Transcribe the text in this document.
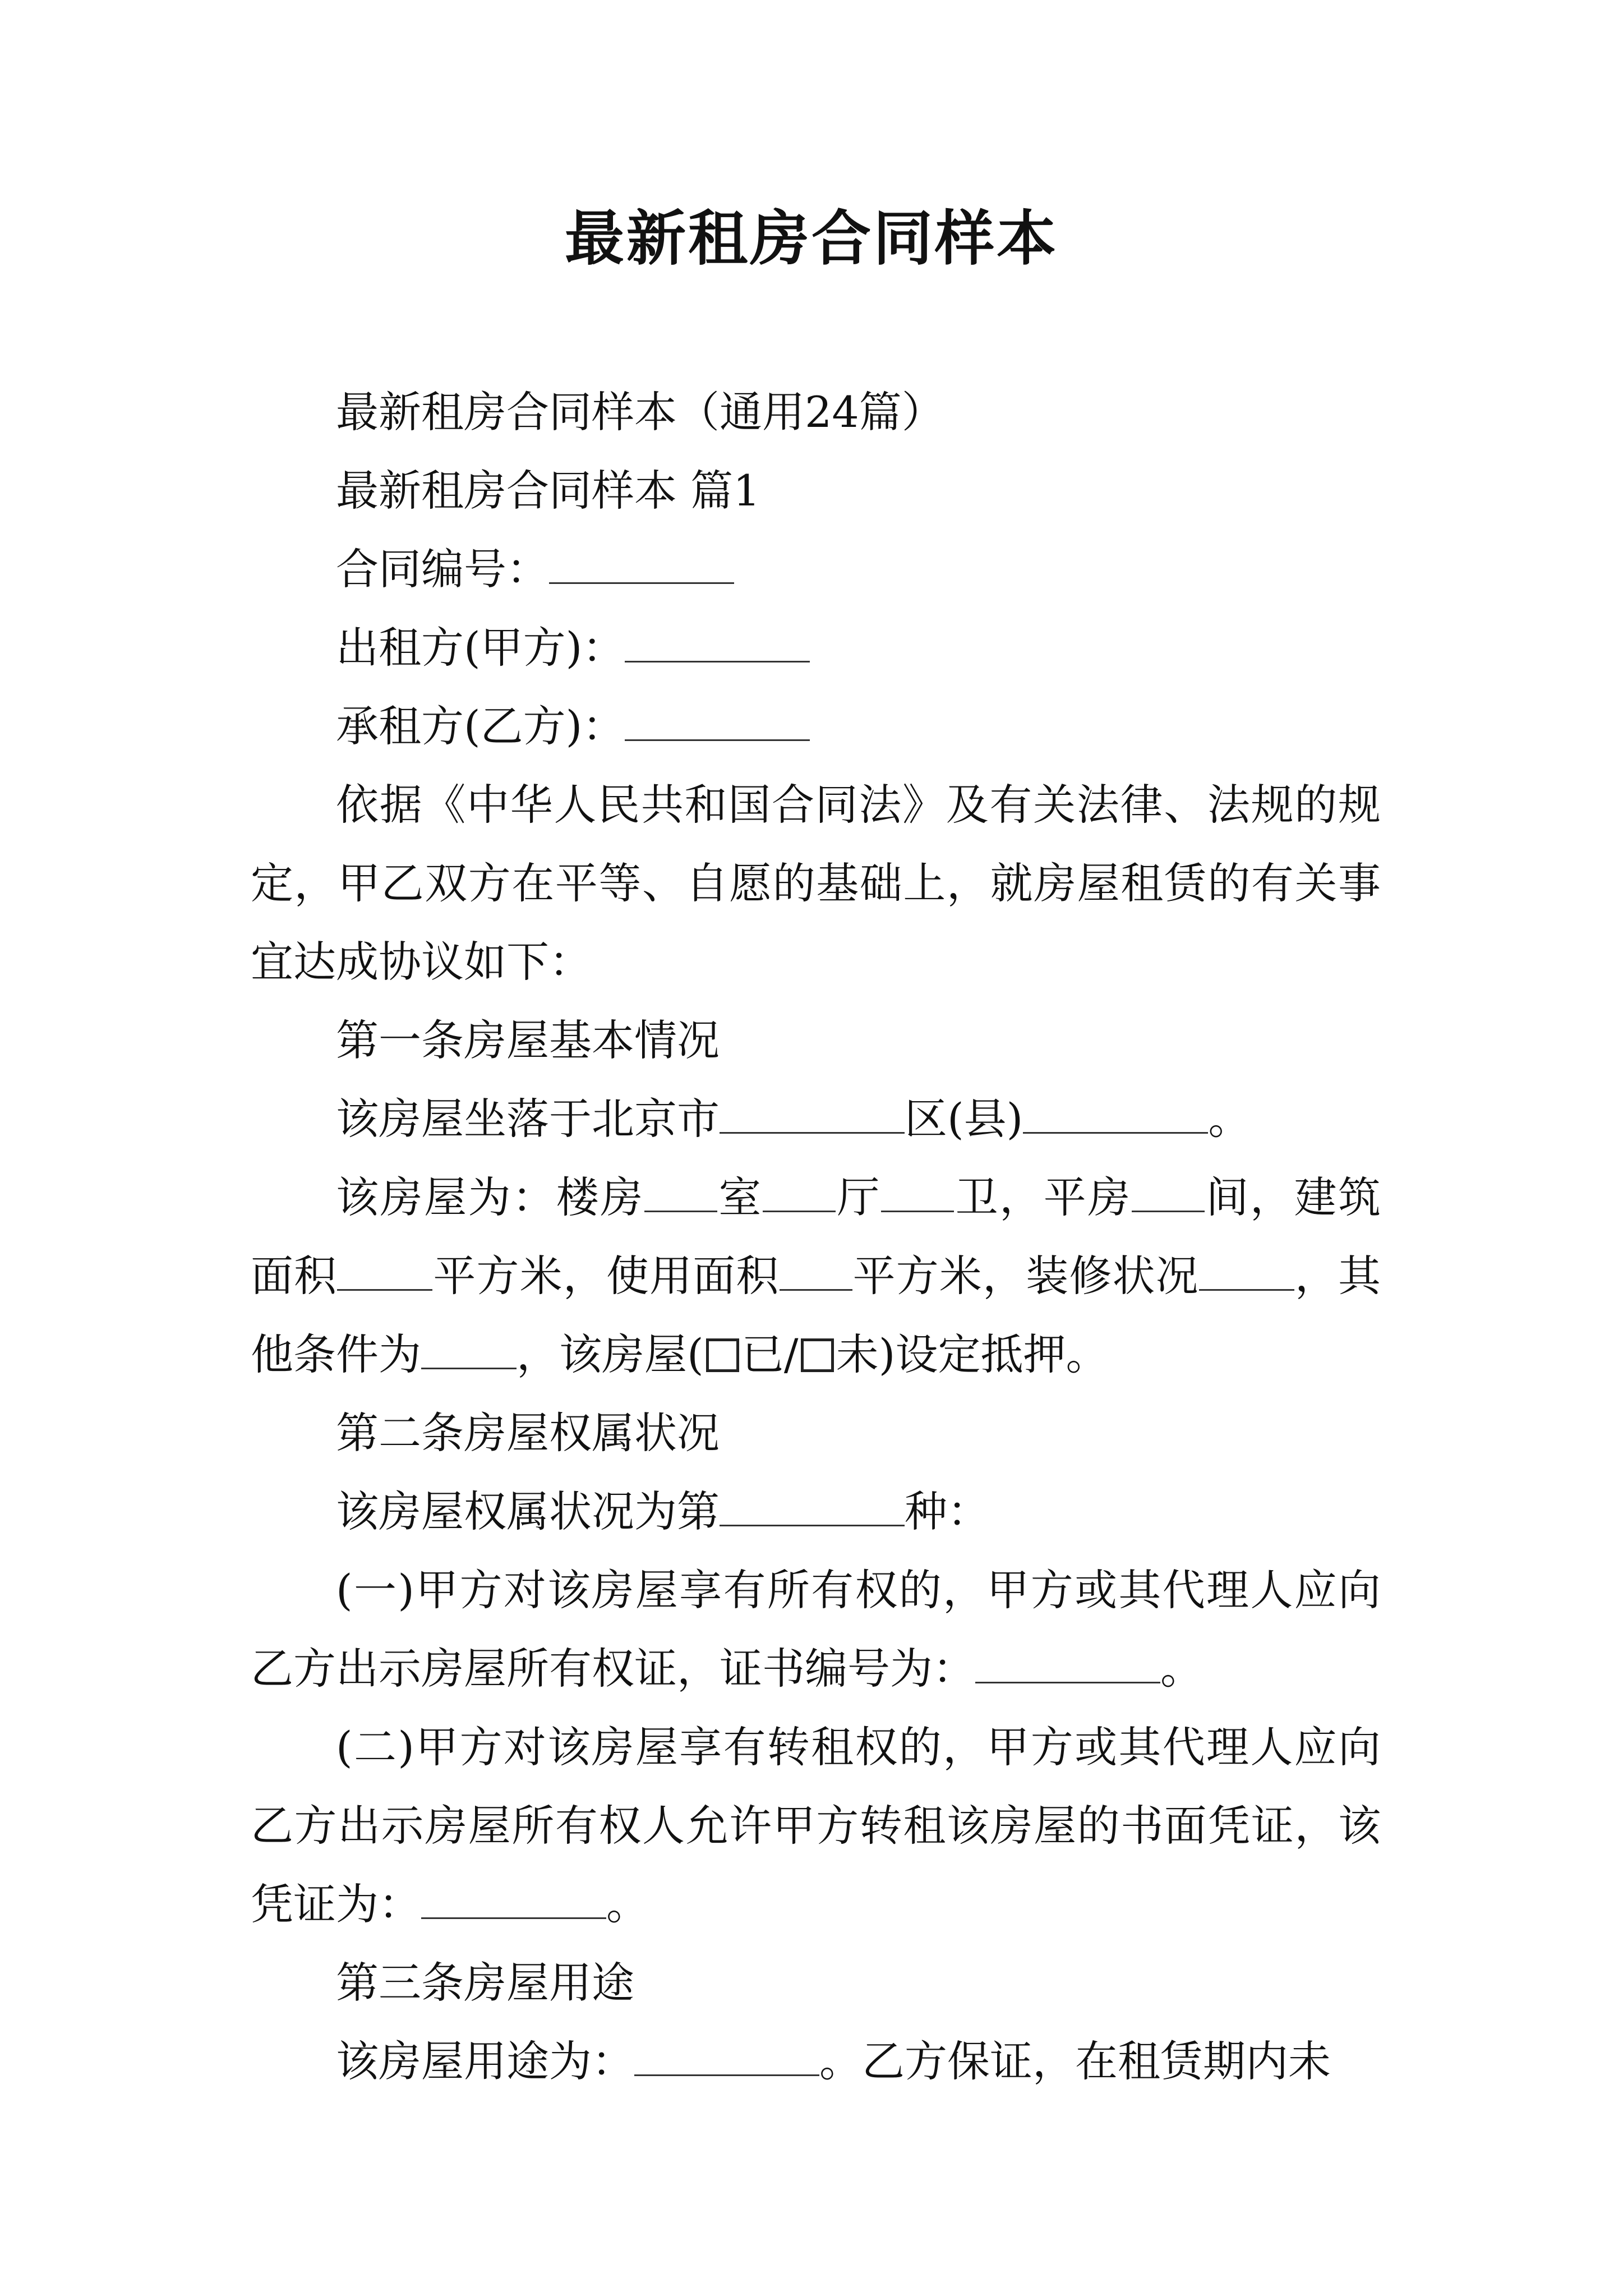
最新租房合同样本

最新租房合同样本（通用24篇）

最新租房合同样本 篇1

合同编号：

出租方(甲方)：

承租方(乙方)：

依据《中华人民共和国合同法》及有关法律、法规的规定，甲乙双方在平等、自愿的基础上，就房屋租赁的有关事宜达成协议如下：

第一条房屋基本情况

该房屋坐落于北京市	区(县)	。

该房屋为：楼房 室 厅 卫，平房 间，建筑面积 平方米，使用面积 平方米，装修状况 ，其他条件为 ，该房屋( 已/ 未)设定抵押。

第二条房屋权属状况

该房屋权属状况为第	种：

(一)甲方对该房屋享有所有权的，甲方或其代理人应向乙方出示房屋所有权证，证书编号为：	。

(二)甲方对该房屋享有转租权的，甲方或其代理人应向乙方出示房屋所有权人允许甲方转租该房屋的书面凭证，该凭证为：	。

第三条房屋用途

该房屋用途为：	。乙方保证，在租赁期内未
